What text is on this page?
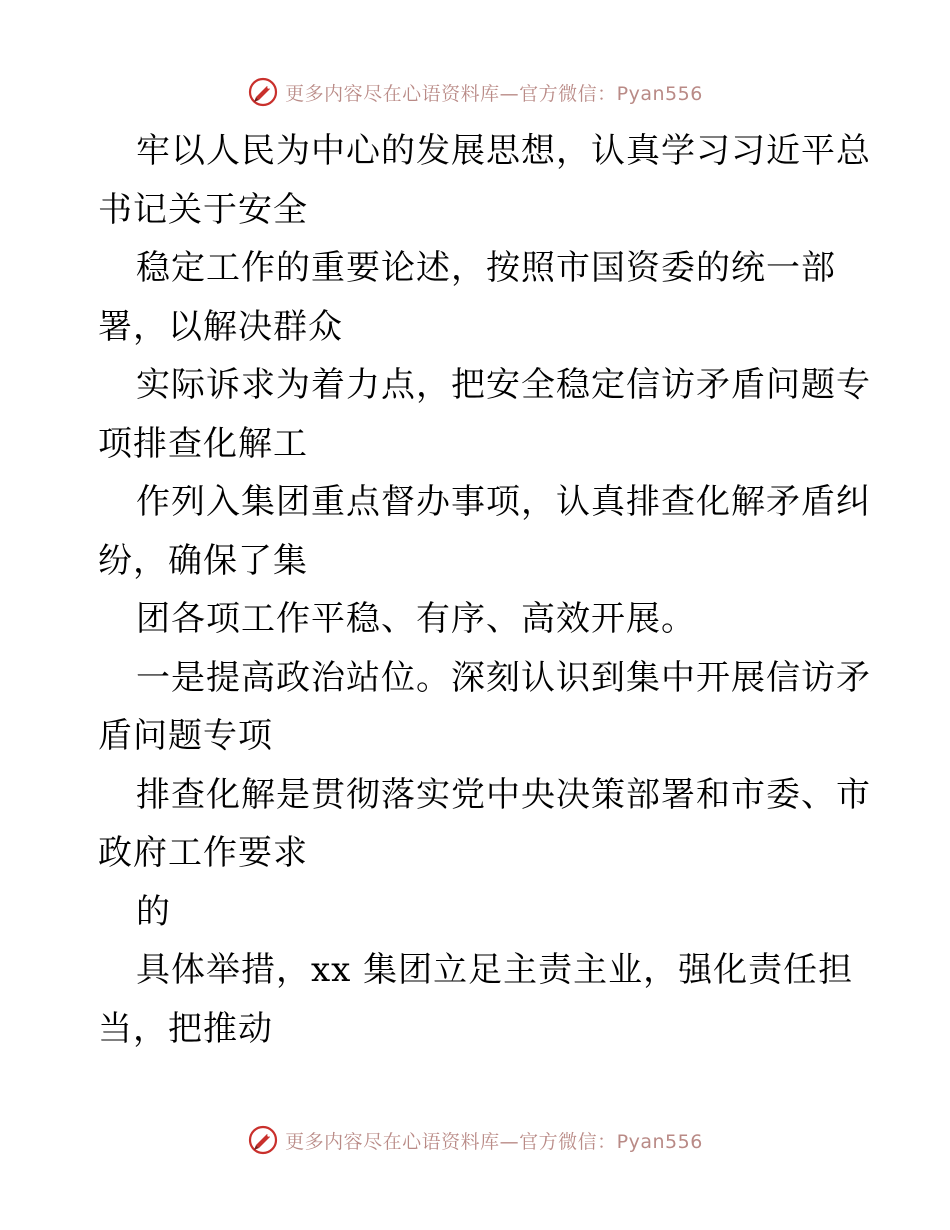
更多内容尽在心语资料库—官方微信：Pyan556
牢以人民为中心的发展思想，认真学习习近平总
书记关于安全
稳定工作的重要论述，按照市国资委的统一部
署，以解决群众
实际诉求为着力点，把安全稳定信访矛盾问题专
项排查化解工
作列入集团重点督办事项，认真排查化解矛盾纠
纷，确保了集
团各项工作平稳、有序、高效开展。
一是提高政治站位。深刻认识到集中开展信访矛
盾问题专项
排查化解是贯彻落实党中央决策部署和市委、市
政府工作要求
的
具体举措，xx 集团立足主责主业，强化责任担
当，把推动
更多内容尽在心语资料库—官方微信：Pyan556
